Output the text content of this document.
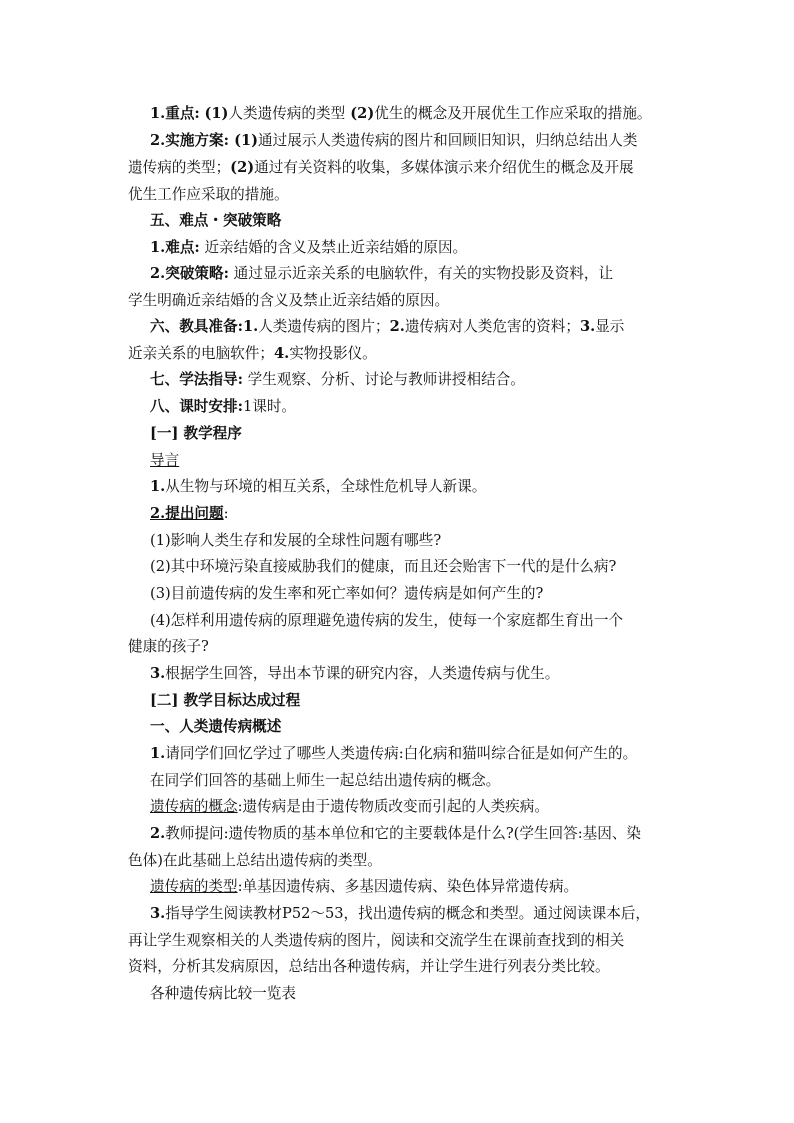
1.重点: (1)人类遗传病的类型 (2)优生的概念及开展优生工作应采取的措施。
2.实施方案: (1)通过展示人类遗传病的图片和回顾旧知识，归纳总结出人类
遗传病的类型；(2)通过有关资料的收集，多媒体演示来介绍优生的概念及开展
优生工作应采取的措施。
五、难点・突破策略
1.难点: 近亲结婚的含义及禁止近亲结婚的原因。
2.突破策略: 通过显示近亲关系的电脑软件，有关的实物投影及资料，让
学生明确近亲结婚的含义及禁止近亲结婚的原因。
六、教具准备:1.人类遗传病的图片；2.遗传病对人类危害的资料；3.显示
近亲关系的电脑软件；4.实物投影仪。
七、学法指导: 学生观察、分析、讨论与教师讲授相结合。
八、课时安排:1课时。
[一] 教学程序
导言
1.从生物与环境的相互关系，全球性危机导人新课。
2.提出问题:
(1)影响人类生存和发展的全球性问题有哪些?
(2)其中环境污染直接威胁我们的健康，而且还会贻害下一代的是什么病?
(3)目前遗传病的发生率和死亡率如何？遗传病是如何产生的?
(4)怎样利用遗传病的原理避免遗传病的发生，使每一个家庭都生育出一个
健康的孩子?
3.根据学生回答，导出本节课的研究内容，人类遗传病与优生。
[二] 教学目标达成过程
一、人类遗传病概述
1.请同学们回忆学过了哪些人类遗传病:白化病和猫叫综合征是如何产生的。
在同学们回答的基础上师生一起总结出遗传病的概念。
遗传病的概念:遗传病是由于遗传物质改变而引起的人类疾病。
2.教师提问:遗传物质的基本单位和它的主要载体是什么?(学生回答:基因、染
色体)在此基础上总结出遗传病的类型。
遗传病的类型:单基因遗传病、多基因遗传病、染色体异常遗传病。
3.指导学生阅读教材P52～53，找出遗传病的概念和类型。通过阅读课本后，
再让学生观察相关的人类遗传病的图片，阅读和交流学生在课前查找到的相关
资料，分析其发病原因，总结出各种遗传病，并让学生进行列表分类比较。
各种遗传病比较一览表
